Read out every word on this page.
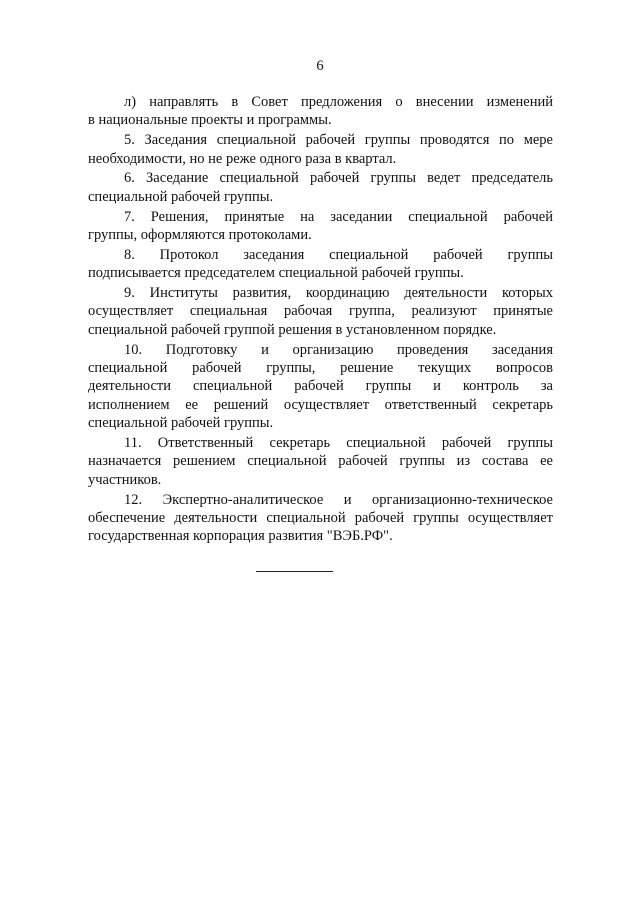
6
л) направлять в Совет предложения о внесении изменений
в национальные проекты и программы.
5. Заседания специальной рабочей группы проводятся по мере
необходимости, но не реже одного раза в квартал.
6. Заседание специальной рабочей группы ведет председатель
специальной рабочей группы.
7. Решения, принятые на заседании специальной рабочей
группы, оформляются протоколами.
8. Протокол заседания специальной рабочей группы
подписывается председателем специальной рабочей группы.
9. Институты развития, координацию деятельности которых
осуществляет специальная рабочая группа, реализуют принятые
специальной рабочей группой решения в установленном порядке.
10. Подготовку и организацию проведения заседания
специальной рабочей группы, решение текущих вопросов
деятельности специальной рабочей группы и контроль за
исполнением ее решений осуществляет ответственный секретарь
специальной рабочей группы.
11. Ответственный секретарь специальной рабочей группы
назначается решением специальной рабочей группы из состава ее
участников.
12. Экспертно-аналитическое и организационно-техническое
обеспечение деятельности специальной рабочей группы осуществляет
государственная корпорация развития "ВЭБ.РФ".
